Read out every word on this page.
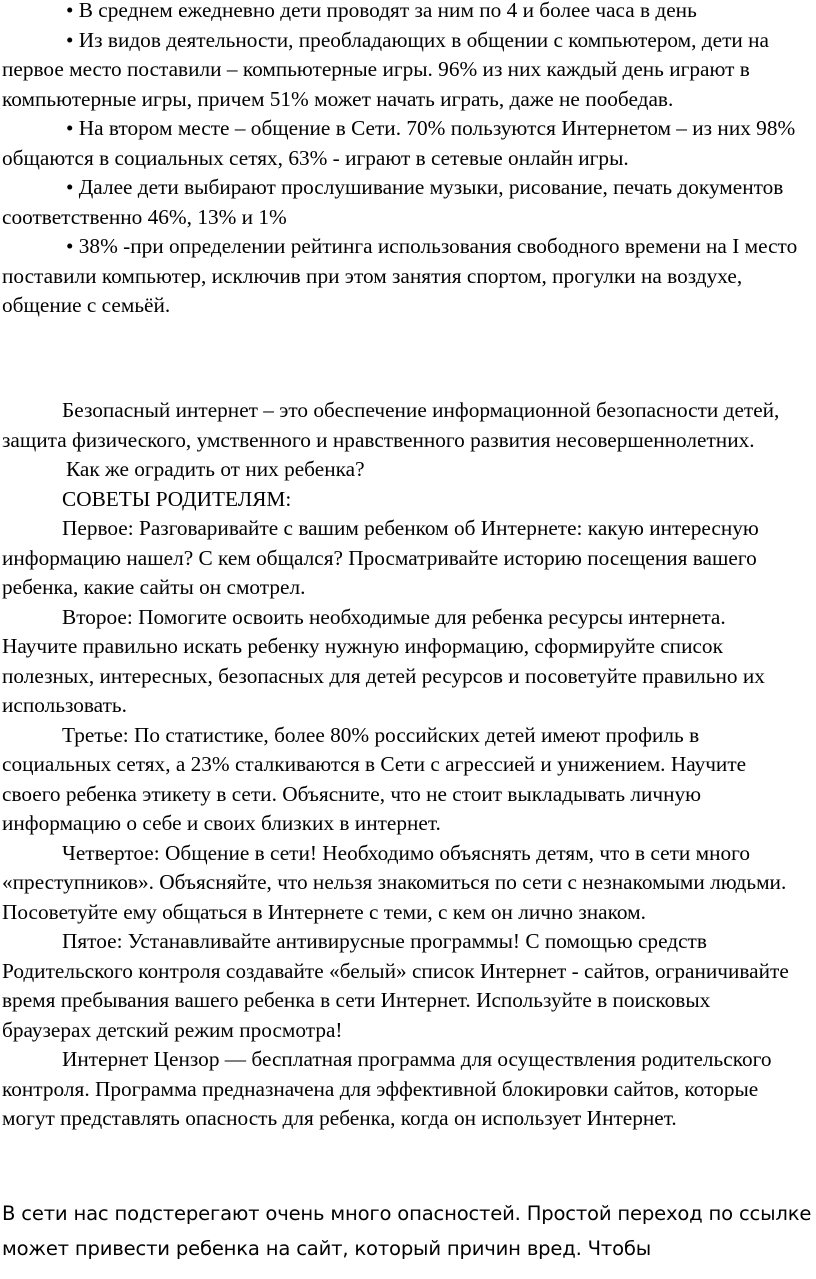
• В среднем ежедневно дети проводят за ним по 4 и более часа в день

• Из видов деятельности, преобладающих в общении с компьютером, дети на первое место поставили – компьютерные игры. 96% из них каждый день играют в компьютерные игры, причем 51% может начать играть, даже не пообедав.

• На втором месте – общение в Сети. 70% пользуются Интернетом – из них 98% общаются в социальных сетях, 63% - играют в сетевые онлайн игры.

• Далее дети выбирают прослушивание музыки, рисование, печать документов соответственно 46%, 13% и 1%

• 38% -при определении рейтинга использования свободного времени на I место поставили компьютер, исключив при этом занятия спортом, прогулки на воздухе, общение с семьёй.

Безопасный интернет – это обеспечение информационной безопасности детей, защита физического, умственного и нравственного развития несовершеннолетних.

Как же оградить от них ребенка?

СОВЕТЫ РОДИТЕЛЯМ:

Первое: Разговаривайте с вашим ребенком об Интернете: какую интересную информацию нашел? С кем общался? Просматривайте историю посещения вашего ребенка, какие сайты он смотрел.

Второе: Помогите освоить необходимые для ребенка ресурсы интернета. Научите правильно искать ребенку нужную информацию, сформируйте список полезных, интересных, безопасных для детей ресурсов и посоветуйте правильно их использовать.

Третье: По статистике, более 80% российских детей имеют профиль в социальных сетях, а 23% сталкиваются в Сети с агрессией и унижением. Научите своего ребенка этикету в сети. Объясните, что не стоит выкладывать личную информацию о себе и своих близких в интернет.

Четвертое: Общение в сети! Необходимо объяснять детям, что в сети много «преступников». Объясняйте, что нельзя знакомиться по сети с незнакомыми людьми. Посоветуйте ему общаться в Интернете с теми, с кем он лично знаком.

Пятое: Устанавливайте антивирусные программы! С помощью средств Родительского контроля создавайте «белый» список Интернет - сайтов, ограничивайте время пребывания вашего ребенка в сети Интернет. Используйте в поисковых браузерах детский режим просмотра!

Интернет Цензор — бесплатная программа для осуществления родительского контроля. Программа предназначена для эффективной блокировки сайтов, которые могут представлять опасность для ребенка, когда он использует Интернет.

В сети нас подстерегают очень много опасностей. Простой переход по ссылке может привести ребенка на сайт, который причин вред. Чтобы
